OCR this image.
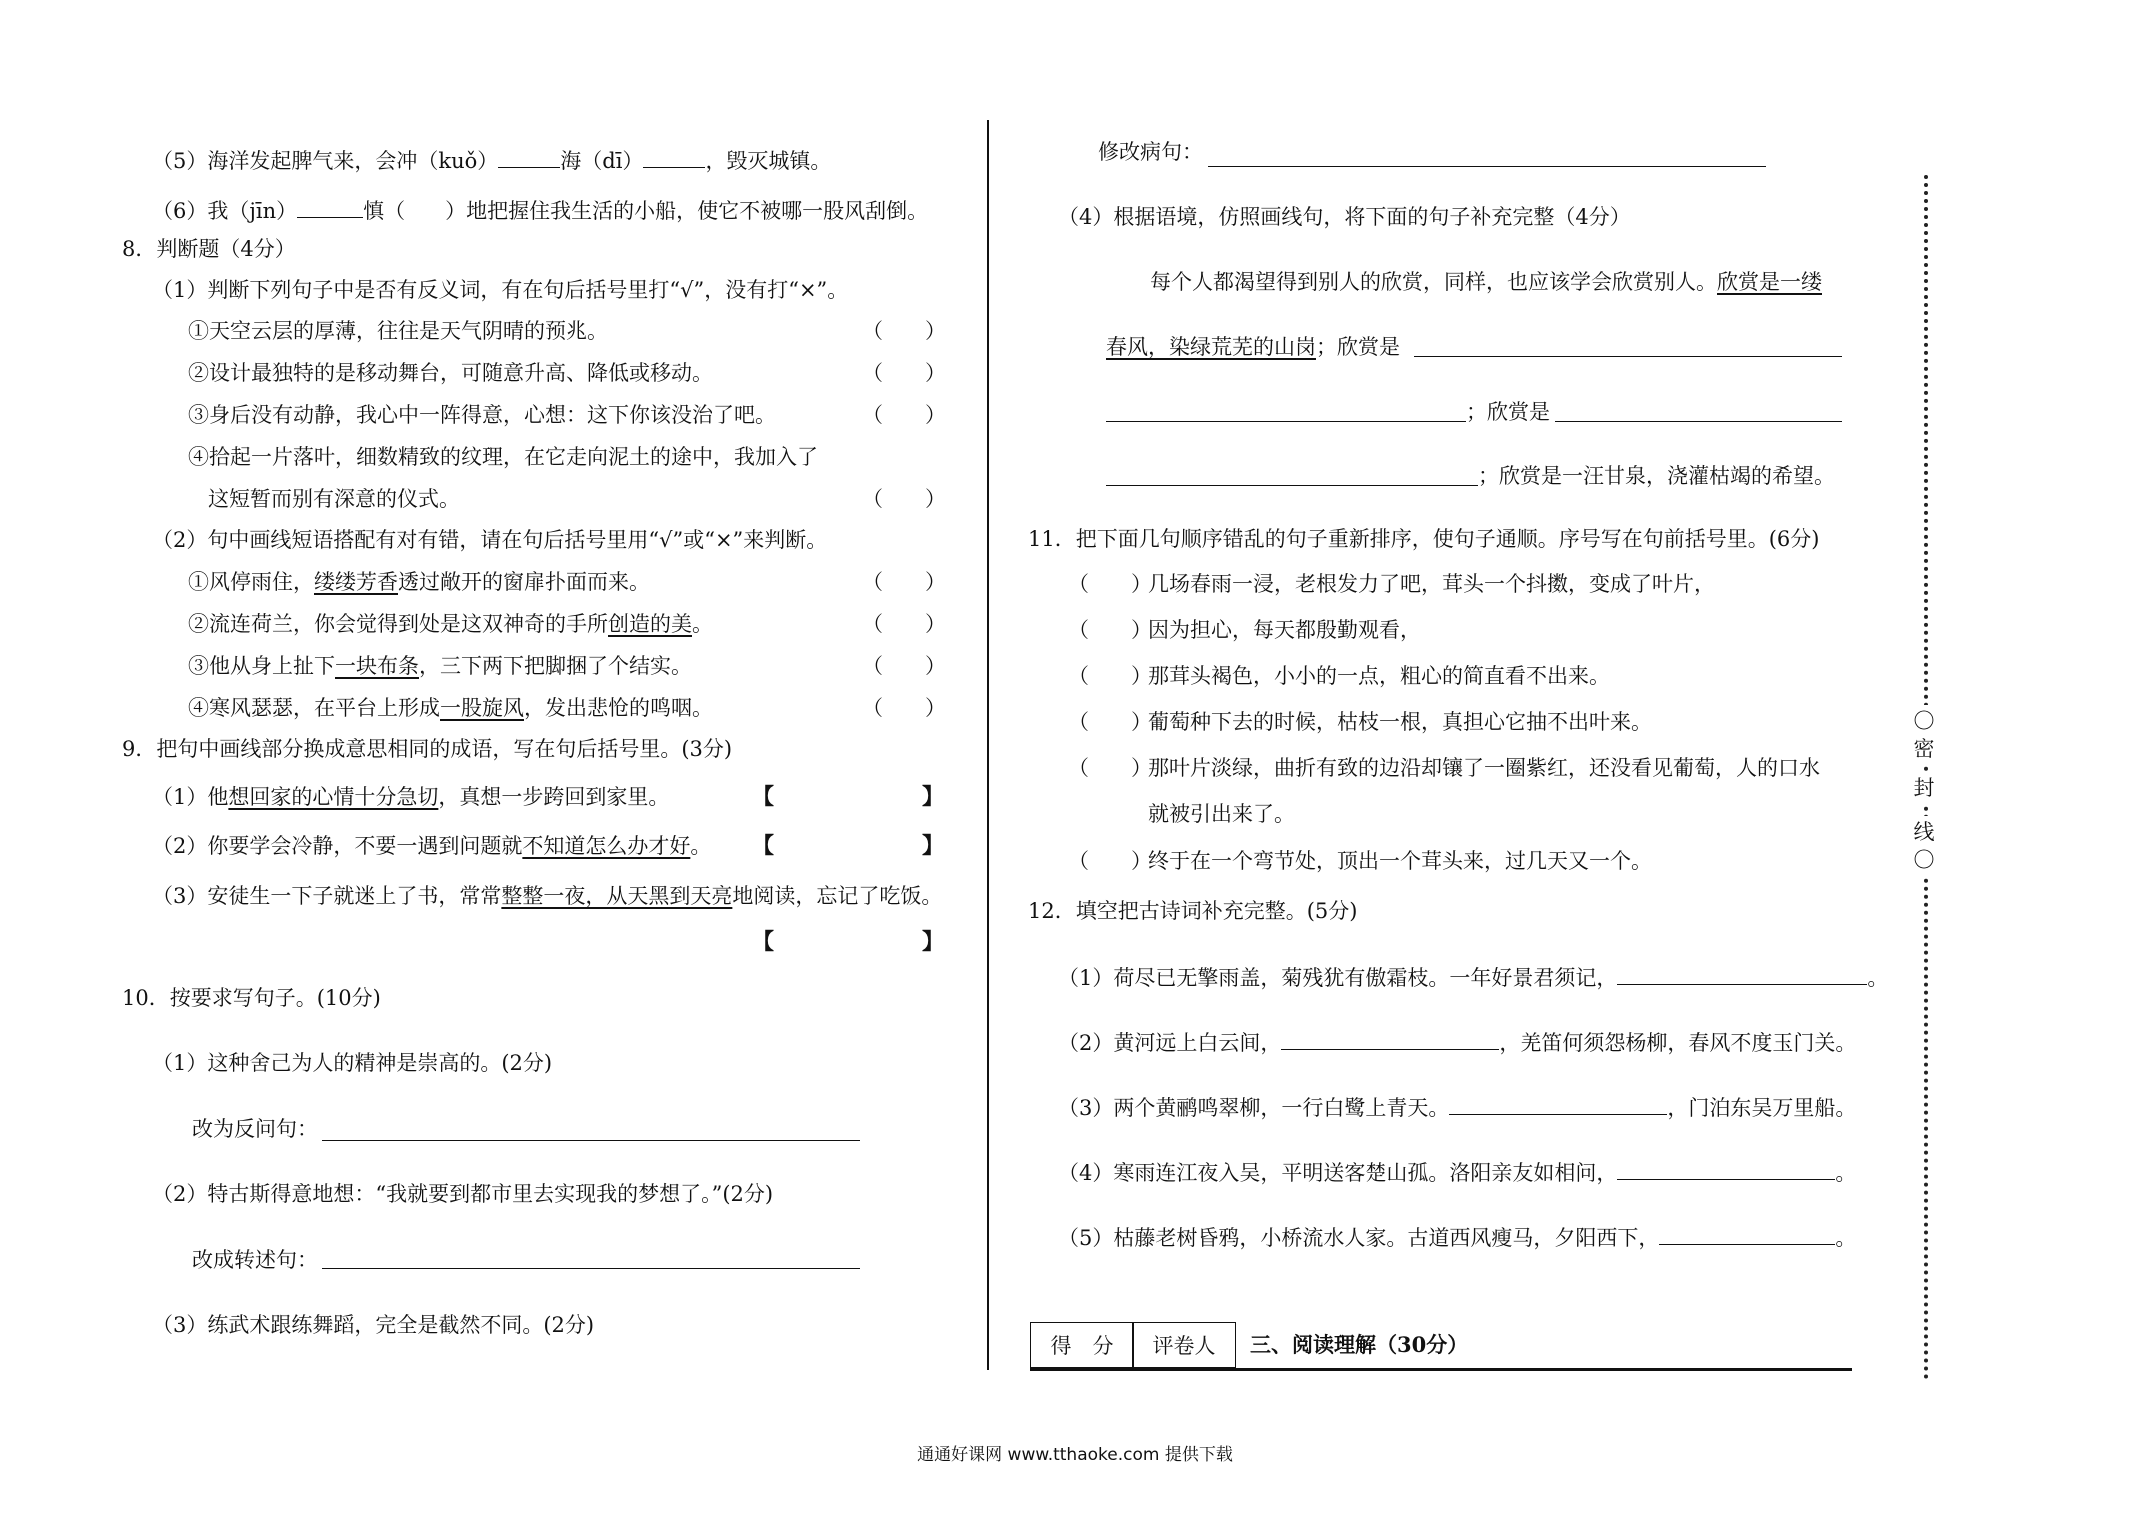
（5）海洋发起脾气来，会冲（kuǒ）	海（dī）	，毁灭城镇。
（6）我（jīn）	慎（ ）地把握住我生活的小船，使它不被哪一股风刮倒。
8．判断题（4分）
（1）判断下列句子中是否有反义词，有在句后括号里打“√”，没有打“×”。
①天空云层的厚薄，往往是天气阴晴的预兆。
②设计最独特的是移动舞台，可随意升高、降低或移动。
③身后没有动静，我心中一阵得意，心想：这下你该没治了吧。
④拾起一片落叶，细数精致的纹理，在它走向泥土的途中，我加入了
这短暂而别有深意的仪式。
（　　）
（　　）
（　　）
（　　）
（2）句中画线短语搭配有对有错，请在句后括号里用“√”或“×”来判断。
①风停雨住，缕缕芳香透过敞开的窗扉扑面而来。
②流连荷兰，你会觉得到处是这双神奇的手所创造的美。
③他从身上扯下一块布条，三下两下把脚捆了个结实。
④寒风瑟瑟，在平台上形成一股旋风，发出悲怆的鸣咽。
（　　）
（　　）
（　　）
（　　）
9．把句中画线部分换成意思相同的成语，写在句后括号里。(3分)
（1）他想回家的心情十分急切，真想一步跨回到家里。
（2）你要学会冷静，不要一遇到问题就不知道怎么办才好。
（3）安徒生一下子就迷上了书，常常整整一夜，从天黑到天亮地阅读，忘记了吃饭。
【	】
【	】
【	】
10．按要求写句子。(10分)
（1）这种舍己为人的精神是崇高的。(2分)
改为反问句：
（2）特古斯得意地想：“我就要到都市里去实现我的梦想了。”(2分)
改成转述句：
（3）练武术跟练舞蹈，完全是截然不同。(2分)
修改病句：
（4）根据语境，仿照画线句，将下面的句子补充完整（4分）
每个人都渴望得到别人的欣赏，同样，也应该学会欣赏别人。欣赏是一缕
春风，染绿荒芜的山岗；欣赏是
；欣赏是
；欣赏是一汪甘泉，浇灌枯竭的希望。
11．把下面几句顺序错乱的句子重新排序，使句子通顺。序号写在句前括号里。(6分)
（　　）
几场春雨一浸，老根发力了吧，茸头一个抖擞，变成了叶片，
（　　）
因为担心，每天都殷勤观看，
（　　）
那茸头褐色，小小的一点，粗心的简直看不出来。
（　　）
葡萄种下去的时候，枯枝一根，真担心它抽不出叶来。
（　　）
那叶片淡绿，曲折有致的边沿却镶了一圈紫红，还没看见葡萄，人的口水
就被引出来了。
（　　）
终于在一个弯节处，顶出一个茸头来，过几天又一个。
12．填空把古诗词补充完整。(5分)
（1）荷尽已无擎雨盖，菊残犹有傲霜枝。一年好景君须记，	。
（2）黄河远上白云间，	，羌笛何须怨杨柳，春风不度玉门关。
（3）两个黄鹂鸣翠柳，一行白鹭上青天。	，门泊东吴万里船。
（4）寒雨连江夜入吴，平明送客楚山孤。洛阳亲友如相问，	。
（5）枯藤老树昏鸦，小桥流水人家。古道西风瘦马，夕阳西下，	。
得　分	评卷人	三、阅读理解（30分）
〇密
封
线〇
通通好课网 www.tthaoke.com 提供下载
